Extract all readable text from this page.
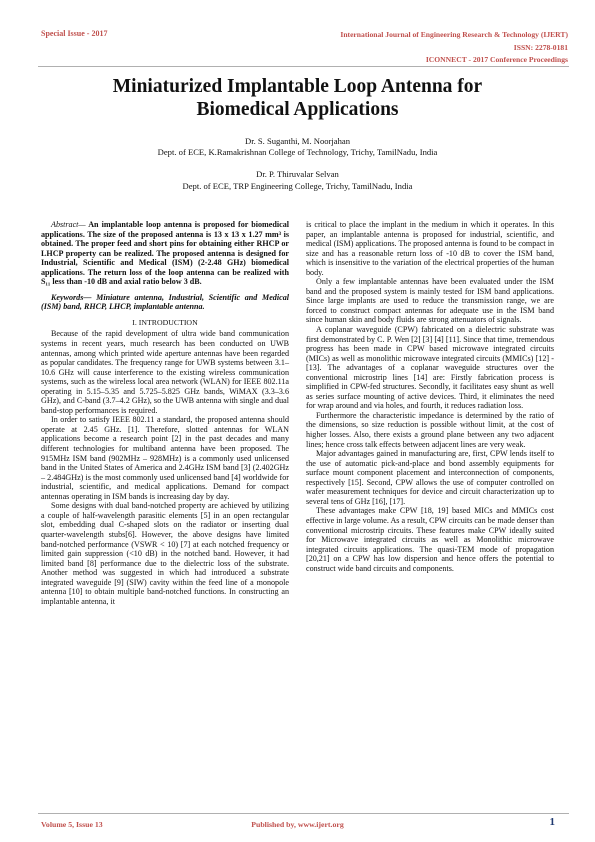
Special Issue - 2017	International Journal of Engineering Research & Technology (IJERT)
ISSN: 2278-0181
ICONNECT - 2017 Conference Proceedings
Miniaturized Implantable Loop Antenna for
Biomedical Applications
Dr. S. Suganthi, M. Noorjahan
Dept. of ECE, K.Ramakrishnan College of Technology, Trichy, TamilNadu, India
Dr. P. Thiruvalar Selvan
Dept. of ECE, TRP Engineering College, Trichy, TamilNadu, India

Abstract— An implantable loop antenna is proposed for biomedical applications. The size of the proposed antenna is 13 x 13 x 1.27 mm³ is obtained. The proper feed and short pins for obtaining either RHCP or LHCP property can be realized. The proposed antenna is designed for Industrial, Scientific and Medical (ISM) (2-2.48 GHz) biomedical applications. The return loss of the loop antenna can be realized with S₁₁ less than -10 dB and axial ratio below 3 dB.

Keywords— Miniature antenna, Industrial, Scientific and Medical (ISM) band, RHCP, LHCP, implantable antenna.

I. INTRODUCTION

Because of the rapid development of ultra wide band communication systems in recent years, much research has been conducted on UWB antennas, among which printed wide aperture antennas have been regarded as popular candidates. The frequency range for UWB systems between 3.1–10.6 GHz will cause interference to the existing wireless communication systems, such as the wireless local area network (WLAN) for IEEE 802.11a operating in 5.15–5.35 and 5.725–5.825 GHz bands, WiMAX (3.3–3.6 GHz), and C-band (3.7–4.2 GHz), so the UWB antenna with single and dual band-stop performances is required.

In order to satisfy IEEE 802.11 a standard, the proposed antenna should operate at 2.45 GHz. [1]. Therefore, slotted antennas for WLAN applications become a research point [2] in the past decades and many different technologies for multiband antenna have been proposed. The 915MHz ISM band (902MHz – 928MHz) is a commonly used unlicensed band in the United States of America and 2.4GHz ISM band [3] (2.402GHz – 2.484GHz) is the most commonly used unlicensed band [4] worldwide for industrial, scientific, and medical applications. Demand for compact antennas operating in ISM bands is increasing day by day.

Some designs with dual band-notched property are achieved by utilizing a couple of half-wavelength parasitic elements [5] in an open rectangular slot, embedding dual C-shaped slots on the radiator or inserting dual quarter-wavelength stubs[6]. However, the above designs have limited band-notched performance (VSWR < 10) [7] at each notched frequency or limited gain suppression (<10 dB) in the notched band. However, it had limited band [8] performance due to the dielectric loss of the substrate. Another method was suggested in which had introduced a substrate integrated waveguide [9] (SIW) cavity within the feed line of a monopole antenna [10] to obtain multiple band-notched functions. In constructing an implantable antenna, it

is critical to place the implant in the medium in which it operates. In this paper, an implantable antenna is proposed for industrial, scientific, and medical (ISM) applications. The proposed antenna is found to be compact in size and has a reasonable return loss of -10 dB to cover the ISM band, which is insensitive to the variation of the electrical properties of the human body.

Only a few implantable antennas have been evaluated under the ISM band and the proposed system is mainly tested for ISM band applications. Since large implants are used to reduce the transmission range, we are forced to construct compact antennas for adequate use in the ISM band since human skin and body fluids are strong attenuators of signals.

A coplanar waveguide (CPW) fabricated on a dielectric substrate was first demonstrated by C. P. Wen [2] [3] [4] [11]. Since that time, tremendous progress has been made in CPW based microwave integrated circuits (MICs) as well as monolithic microwave integrated circuits (MMICs) [12] - [13]. The advantages of a coplanar waveguide structures over the conventional microstrip lines [14] are: Firstly fabrication process is simplified in CPW-fed structures. Secondly, it facilitates easy shunt as well as series surface mounting of active devices. Third, it eliminates the need for wrap around and via holes, and fourth, it reduces radiation loss.

Furthermore the characteristic impedance is determined by the ratio of the dimensions, so size reduction is possible without limit, at the cost of higher losses. Also, there exists a ground plane between any two adjacent lines; hence cross talk effects between adjacent lines are very weak.

Major advantages gained in manufacturing are, first, CPW lends itself to the use of automatic pick-and-place and bond assembly equipments for surface mount component placement and interconnection of components, respectively [15]. Second, CPW allows the use of computer controlled on wafer measurement techniques for device and circuit characterization up to several tens of GHz [16], [17].

These advantages make CPW [18, 19] based MICs and MMICs cost effective in large volume. As a result, CPW circuits can be made denser than conventional microstrip circuits. These features make CPW ideally suited for Microwave integrated circuits as well as Monolithic microwave integrated circuits applications. The quasi-TEM mode of propagation [20,21] on a CPW has low dispersion and hence offers the potential to construct wide band circuits and components.

Published by, www.ijert.org
Volume 5, Issue 13	1
